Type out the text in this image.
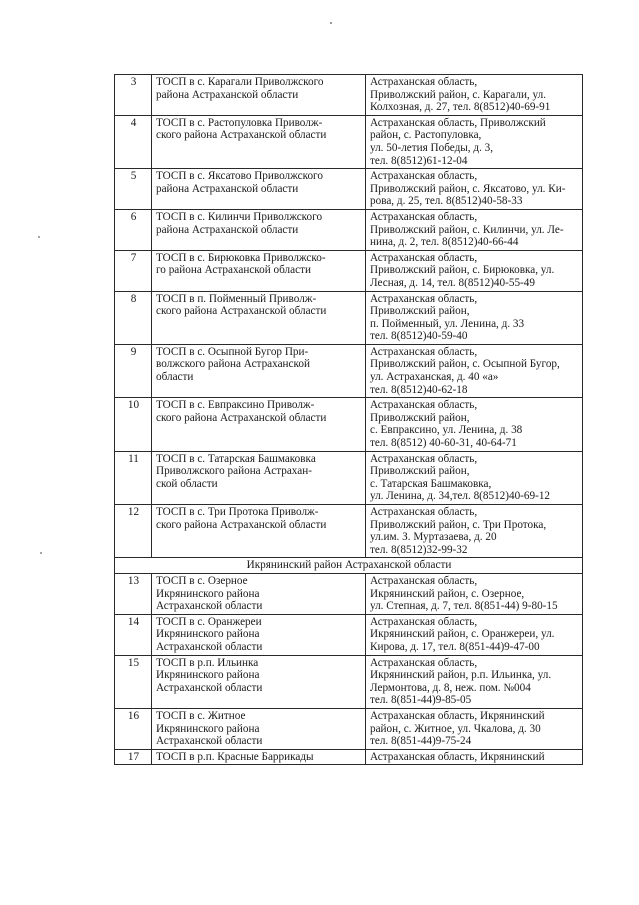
3	ТОСП в с. Карагали Приволжского
района Астраханской области	Астраханская область,
Приволжский район, с. Карагали, ул.
Колхозная, д. 27, тел. 8(8512)40-69-91
4	ТОСП в с. Растопуловка Приволж-
ского района Астраханской области	Астраханская область, Приволжский
район, с. Растопуловка,
ул. 50-летия Победы, д. 3,
тел. 8(8512)61-12-04
5	ТОСП в с. Яксатово Приволжского
района Астраханской области	Астраханская область,
Приволжский район, с. Яксатово, ул. Ки-
рова, д. 25, тел. 8(8512)40-58-33
6	ТОСП в с. Килинчи Приволжского
района Астраханской области	Астраханская область,
Приволжский район, с. Килинчи, ул. Ле-
нина, д. 2, тел. 8(8512)40-66-44
7	ТОСП в с. Бирюковка Приволжско-
го района Астраханской области	Астраханская область,
Приволжский район, с. Бирюковка, ул.
Лесная, д. 14, тел. 8(8512)40-55-49
8	ТОСП в п. Пойменный Приволж-
ского района Астраханской области	Астраханская область,
Приволжский район,
п. Пойменный, ул. Ленина, д. 33
тел. 8(8512)40-59-40
9	ТОСП в с. Осыпной Бугор При-
волжского района Астраханской
области	Астраханская область,
Приволжский район, с. Осыпной Бугор,
ул. Астраханская, д. 40 «а»
тел. 8(8512)40-62-18
10	ТОСП в с. Евпраксино Приволж-
ского района Астраханской области	Астраханская область,
Приволжский район,
с. Евпраксино, ул. Ленина, д. 38
тел. 8(8512) 40-60-31, 40-64-71
11	ТОСП в с. Татарская Башмаковка
Приволжского района Астрахан-
ской области	Астраханская область,
Приволжский район,
с. Татарская Башмаковка,
ул. Ленина, д. 34,тел. 8(8512)40-69-12
12	ТОСП в с. Три Протока Приволж-
ского района Астраханской области	Астраханская область,
Приволжский район, с. Три Протока,
ул.им. З. Муртазаева, д. 20
тел. 8(8512)32-99-32
Икрянинский район Астраханской области		
13	ТОСП в с. Озерное
Икрянинского района
Астраханской области	Астраханская область,
Икрянинский район, с. Озерное,
ул. Степная, д. 7, тел. 8(851-44) 9-80-15
14	ТОСП в с. Оранжереи
Икрянинского района
Астраханской области	Астраханская область,
Икрянинский район, с. Оранжереи, ул.
Кирова, д. 17, тел. 8(851-44)9-47-00
15	ТОСП в р.п. Ильинка
Икрянинского района
Астраханской области	Астраханская область,
Икрянинский район, р.п. Ильинка, ул.
Лермонтова, д. 8, неж. пом. №004
тел. 8(851-44)9-85-05
16	ТОСП в с. Житное
Икрянинского района
Астраханской области	Астраханская область, Икрянинский
район, с. Житное, ул. Чкалова, д. 30
тел. 8(851-44)9-75-24
17	ТОСП в р.п. Красные Баррикады	Астраханская область, Икрянинский
